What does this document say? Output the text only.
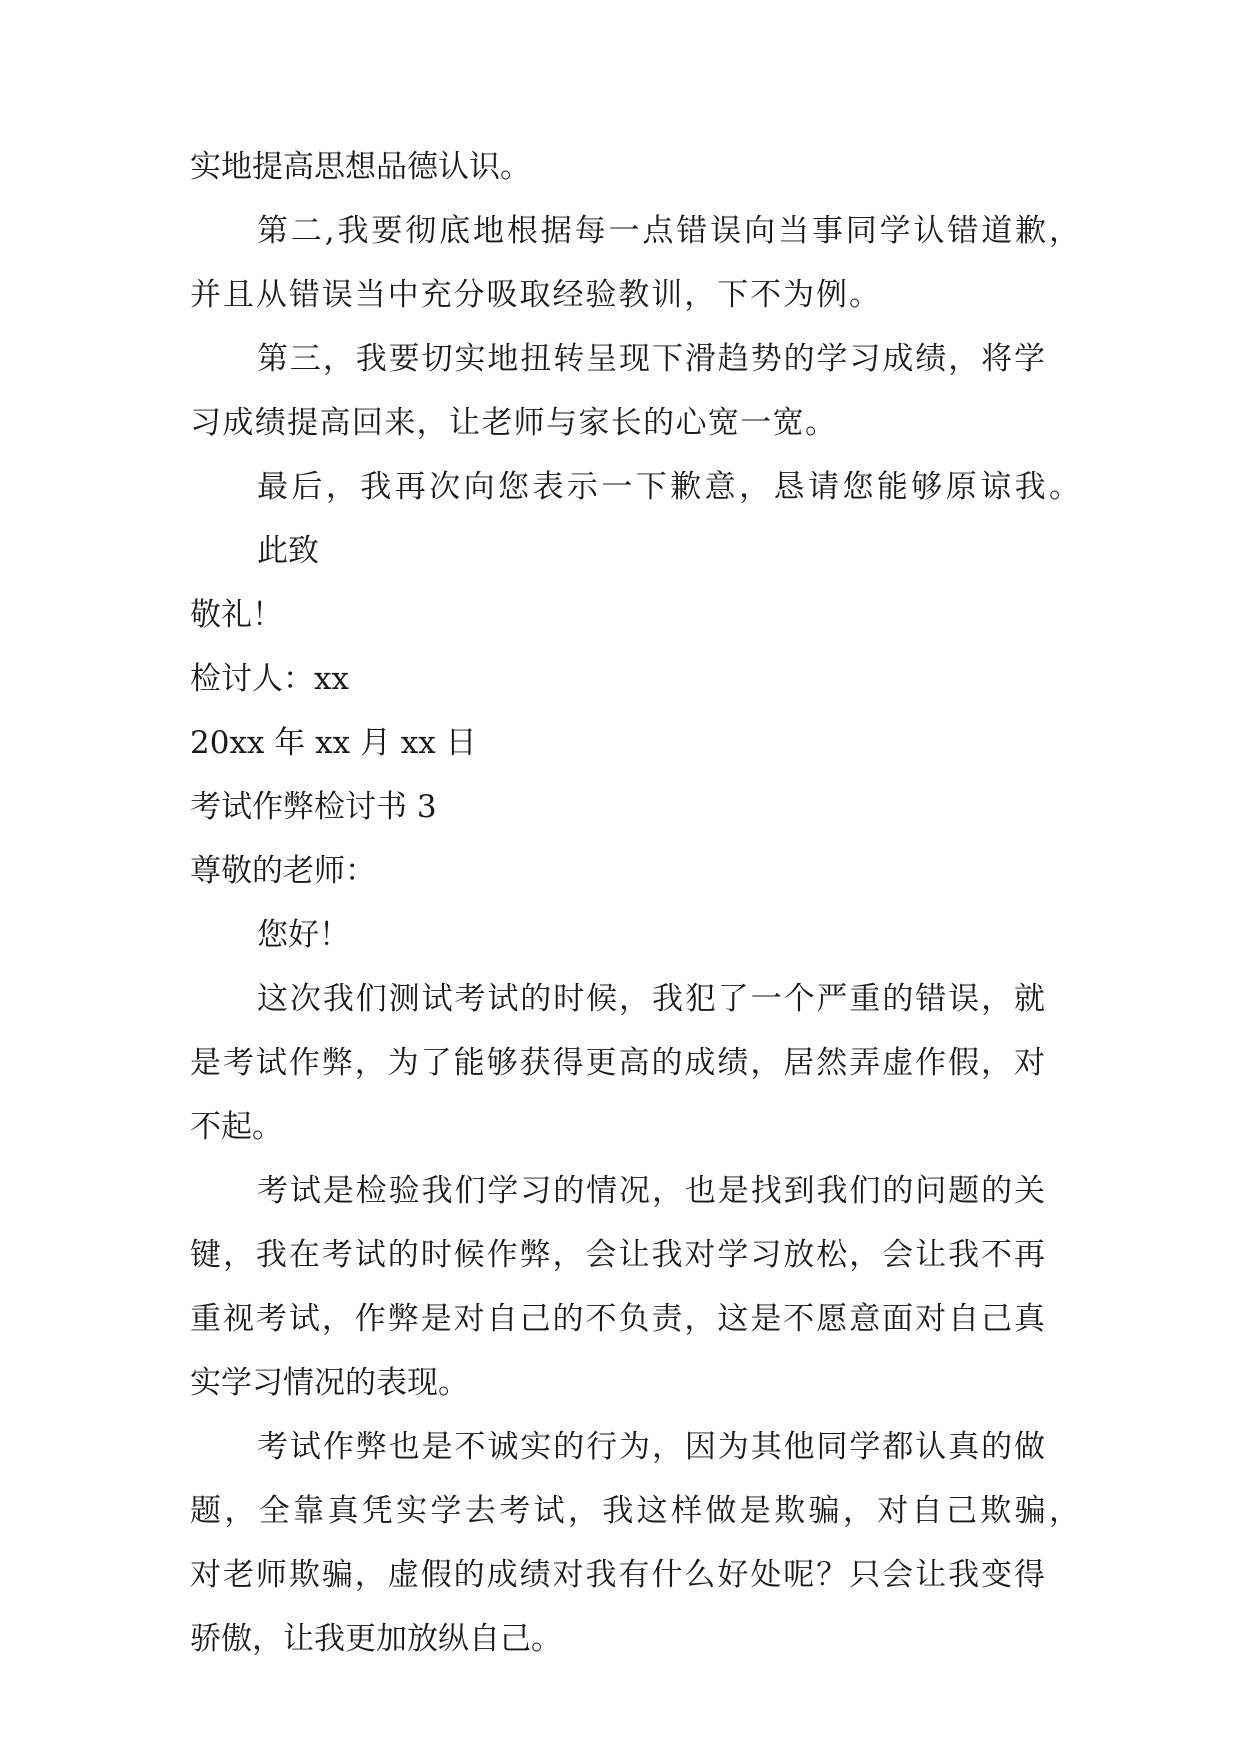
实地提高思想品德认识。
第二,我要彻底地根据每一点错误向当事同学认错道歉，
并且从错误当中充分吸取经验教训，下不为例。
第三，我要切实地扭转呈现下滑趋势的学习成绩，将学
习成绩提高回来，让老师与家长的心宽一宽。
最后，我再次向您表示一下歉意，恳请您能够原谅我。
此致
敬礼！
检讨人：xx
20xx 年 xx 月 xx 日
考试作弊检讨书 3
尊敬的老师：
您好！
这次我们测试考试的时候，我犯了一个严重的错误，就
是考试作弊，为了能够获得更高的成绩，居然弄虚作假，对
不起。
考试是检验我们学习的情况，也是找到我们的问题的关
键，我在考试的时候作弊，会让我对学习放松，会让我不再
重视考试，作弊是对自己的不负责，这是不愿意面对自己真
实学习情况的表现。
考试作弊也是不诚实的行为，因为其他同学都认真的做
题，全靠真凭实学去考试，我这样做是欺骗，对自己欺骗，
对老师欺骗，虚假的成绩对我有什么好处呢？只会让我变得
骄傲，让我更加放纵自己。
